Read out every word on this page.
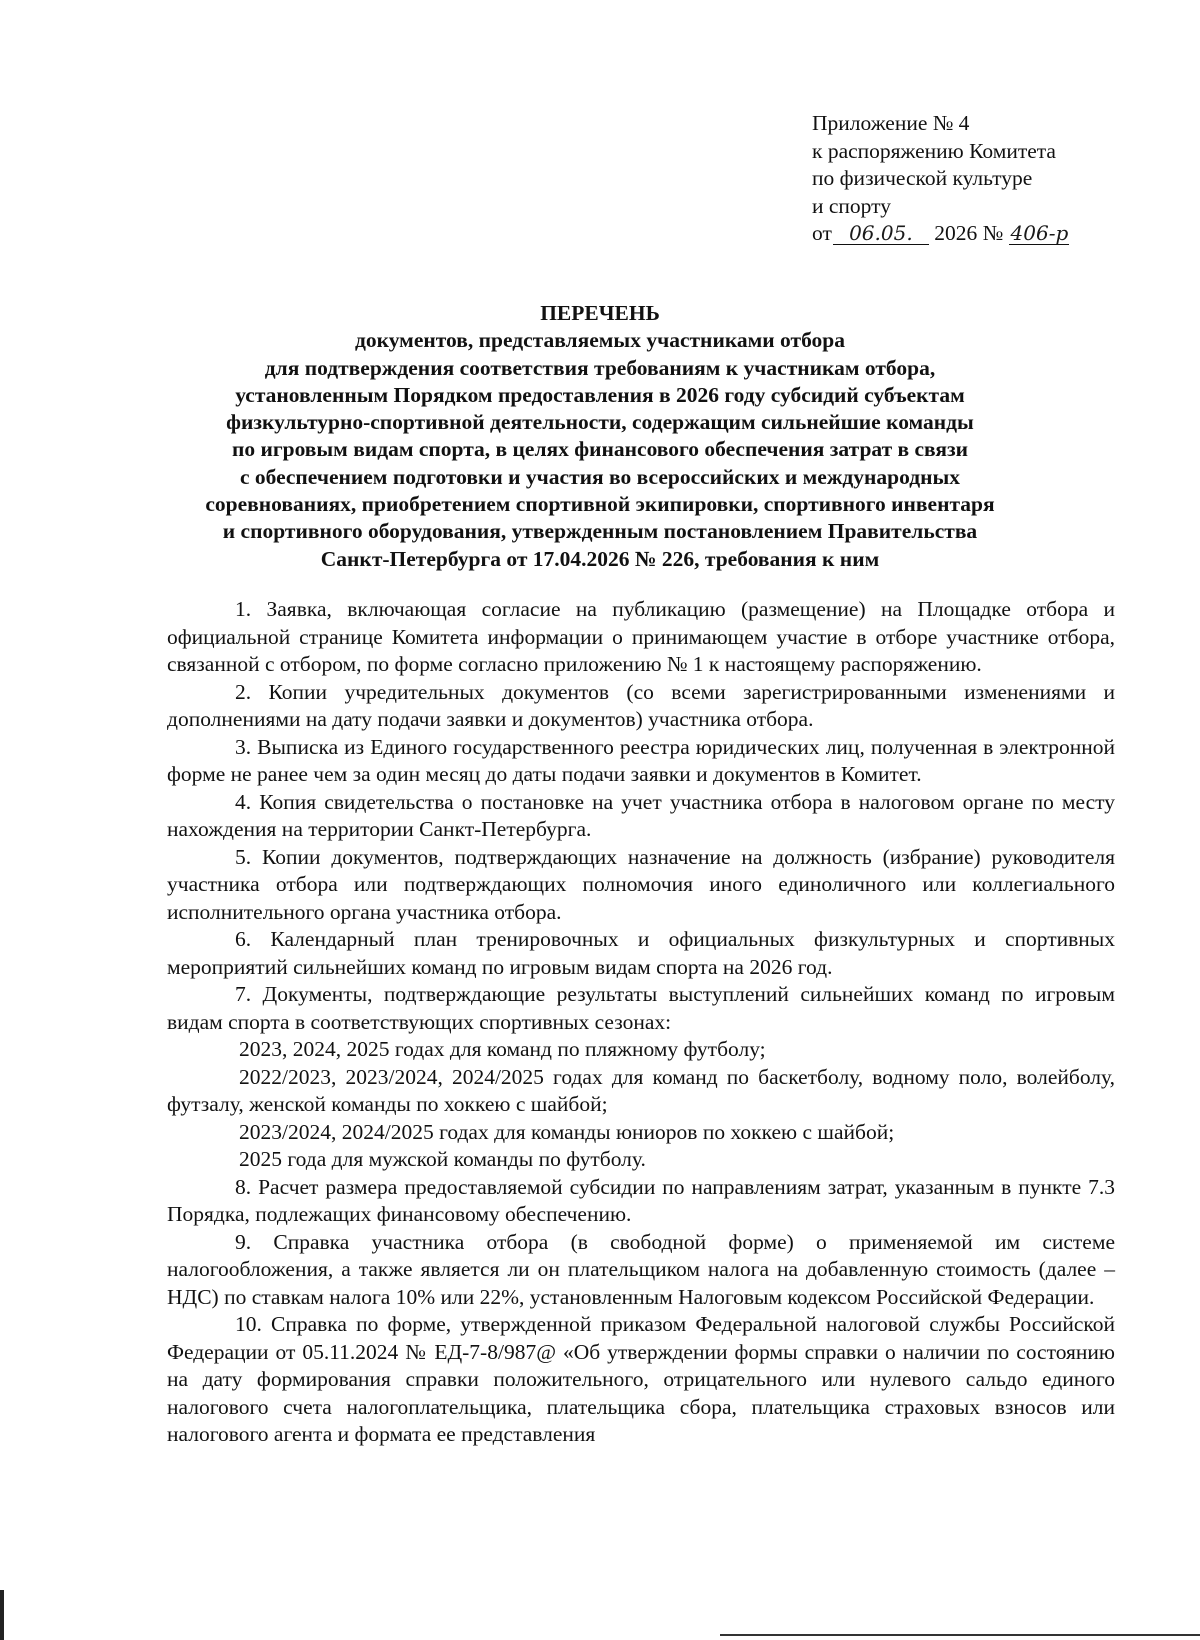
Приложение № 4
к распоряжению Комитета
по физической культуре
и спорту
от 06.05. 2026 № 406-р
ПЕРЕЧЕНЬ
документов, представляемых участниками отбора
для подтверждения соответствия требованиям к участникам отбора,
установленным Порядком предоставления в 2026 году субсидий субъектам
физкультурно-спортивной деятельности, содержащим сильнейшие команды
по игровым видам спорта, в целях финансового обеспечения затрат в связи
с обеспечением подготовки и участия во всероссийских и международных
соревнованиях, приобретением спортивной экипировки, спортивного инвентаря
и спортивного оборудования, утвержденным постановлением Правительства
Санкт-Петербурга от 17.04.2026 № 226, требования к ним

1. Заявка, включающая согласие на публикацию (размещение) на Площадке отбора и официальной странице Комитета информации о принимающем участие в отборе участнике отбора, связанной с отбором, по форме согласно приложению № 1 к настоящему распоряжению.

2. Копии учредительных документов (со всеми зарегистрированными изменениями и дополнениями на дату подачи заявки и документов) участника отбора.

3. Выписка из Единого государственного реестра юридических лиц, полученная в электронной форме не ранее чем за один месяц до даты подачи заявки и документов в Комитет.

4. Копия свидетельства о постановке на учет участника отбора в налоговом органе по месту нахождения на территории Санкт-Петербурга.

5. Копии документов, подтверждающих назначение на должность (избрание) руководителя участника отбора или подтверждающих полномочия иного единоличного или коллегиального исполнительного органа участника отбора.

6. Календарный план тренировочных и официальных физкультурных и спортивных мероприятий сильнейших команд по игровым видам спорта на 2026 год.

7. Документы, подтверждающие результаты выступлений сильнейших команд по игровым видам спорта в соответствующих спортивных сезонах:

2023, 2024, 2025 годах для команд по пляжному футболу;

2022/2023, 2023/2024, 2024/2025 годах для команд по баскетболу, водному поло, волейболу, футзалу, женской команды по хоккею с шайбой;

2023/2024, 2024/2025 годах для команды юниоров по хоккею с шайбой;

2025 года для мужской команды по футболу.

8. Расчет размера предоставляемой субсидии по направлениям затрат, указанным в пункте 7.3 Порядка, подлежащих финансовому обеспечению.

9. Справка участника отбора (в свободной форме) о применяемой им системе налогообложения, а также является ли он плательщиком налога на добавленную стоимость (далее – НДС) по ставкам налога 10% или 22%, установленным Налоговым кодексом Российской Федерации.

10. Справка по форме, утвержденной приказом Федеральной налоговой службы Российской Федерации от 05.11.2024 № ЕД-7-8/987@ «Об утверждении формы справки о наличии по состоянию на дату формирования справки положительного, отрицательного или нулевого сальдо единого налогового счета налогоплательщика, плательщика сбора, плательщика страховых взносов или налогового агента и формата ее представления
